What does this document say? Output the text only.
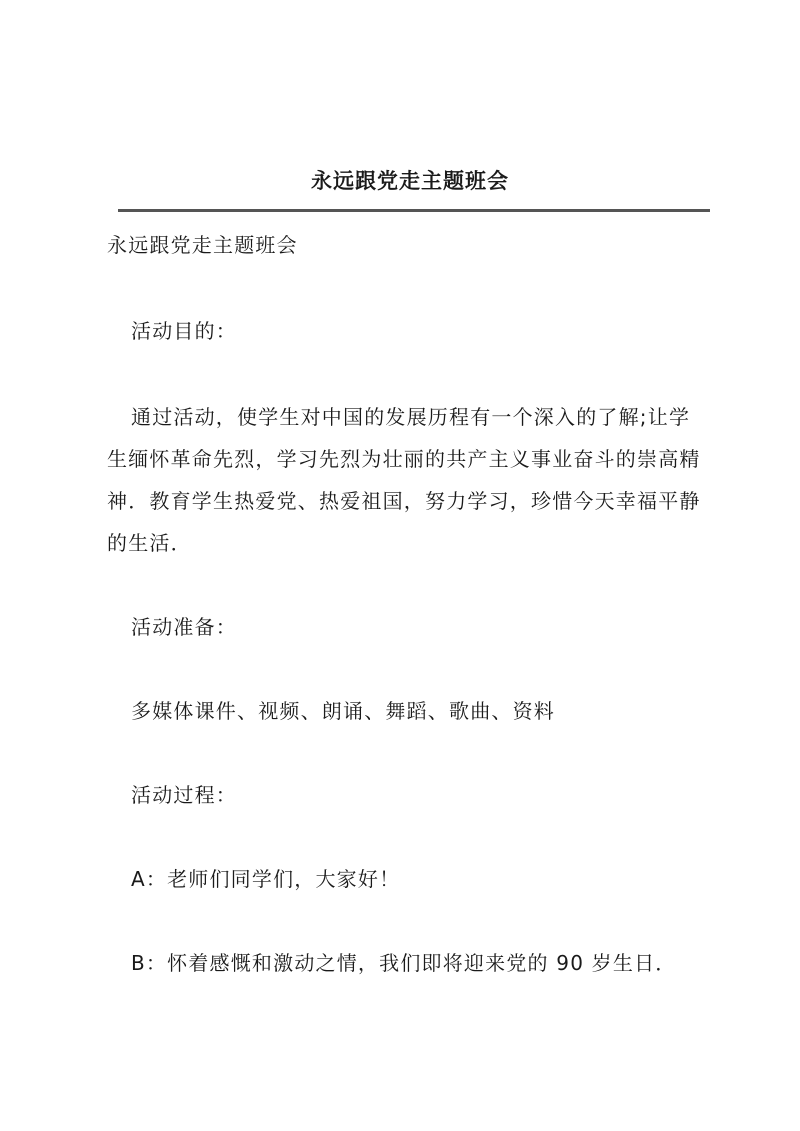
永远跟党走主题班会

永远跟党走主题班会

活动目的：

通过活动，使学生对中国的发展历程有一个深入的了解;让学

生缅怀革命先烈，学习先烈为壮丽的共产主义事业奋斗的崇高精

神．教育学生热爱党、热爱祖国，努力学习，珍惜今天幸福平静

的生活．

活动准备：

多媒体课件、视频、朗诵、舞蹈、歌曲、资料

活动过程：

A：老师们同学们，大家好！

B：怀着感慨和激动之情，我们即将迎来党的 90 岁生日．
